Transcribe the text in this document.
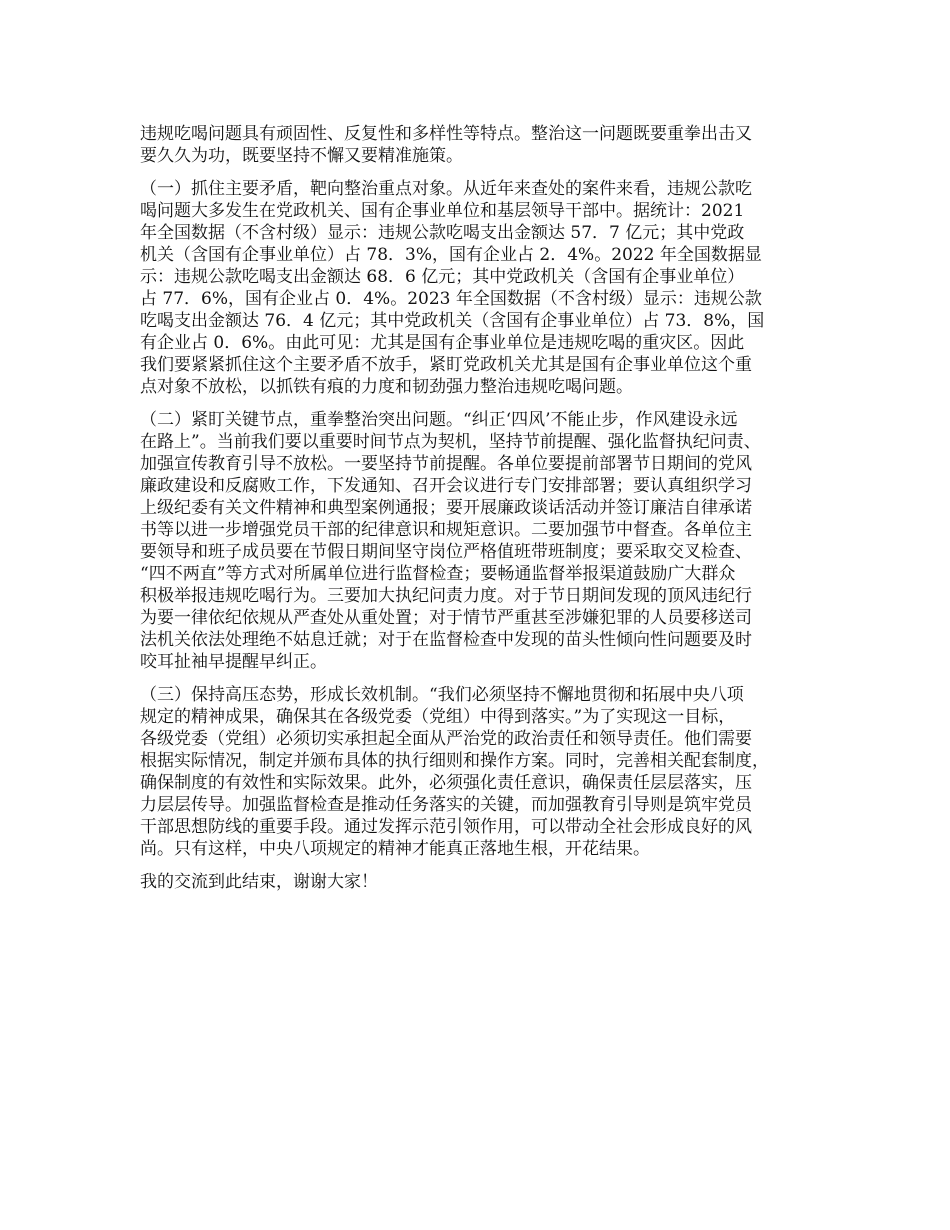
违规吃喝问题具有顽固性、反复性和多样性等特点。整治这一问题既要重拳出击又
要久久为功，既要坚持不懈又要精准施策。

（一）抓住主要矛盾，靶向整治重点对象。从近年来查处的案件来看，违规公款吃
喝问题大多发生在党政机关、国有企事业单位和基层领导干部中。据统计：2021
年全国数据（不含村级）显示：违规公款吃喝支出金额达 57．7 亿元；其中党政
机关（含国有企事业单位）占 78．3%，国有企业占 2．4%。2022 年全国数据显
示：违规公款吃喝支出金额达 68．6 亿元；其中党政机关（含国有企事业单位）
占 77．6%，国有企业占 0．4%。2023 年全国数据（不含村级）显示：违规公款
吃喝支出金额达 76．4 亿元；其中党政机关（含国有企事业单位）占 73．8%，国
有企业占 0．6%。由此可见：尤其是国有企事业单位是违规吃喝的重灾区。因此
我们要紧紧抓住这个主要矛盾不放手，紧盯党政机关尤其是国有企事业单位这个重
点对象不放松，以抓铁有痕的力度和韧劲强力整治违规吃喝问题。

（二）紧盯关键节点，重拳整治突出问题。“纠正‘四风’不能止步，作风建设永远
在路上”。当前我们要以重要时间节点为契机，坚持节前提醒、强化监督执纪问责、
加强宣传教育引导不放松。一要坚持节前提醒。各单位要提前部署节日期间的党风
廉政建设和反腐败工作，下发通知、召开会议进行专门安排部署；要认真组织学习
上级纪委有关文件精神和典型案例通报；要开展廉政谈话活动并签订廉洁自律承诺
书等以进一步增强党员干部的纪律意识和规矩意识。二要加强节中督查。各单位主
要领导和班子成员要在节假日期间坚守岗位严格值班带班制度；要采取交叉检查、
“四不两直”等方式对所属单位进行监督检查；要畅通监督举报渠道鼓励广大群众
积极举报违规吃喝行为。三要加大执纪问责力度。对于节日期间发现的顶风违纪行
为要一律依纪依规从严查处从重处置；对于情节严重甚至涉嫌犯罪的人员要移送司
法机关依法处理绝不姑息迁就；对于在监督检查中发现的苗头性倾向性问题要及时
咬耳扯袖早提醒早纠正。

（三）保持高压态势，形成长效机制。“我们必须坚持不懈地贯彻和拓展中央八项
规定的精神成果，确保其在各级党委（党组）中得到落实。”为了实现这一目标，
各级党委（党组）必须切实承担起全面从严治党的政治责任和领导责任。他们需要
根据实际情况，制定并颁布具体的执行细则和操作方案。同时，完善相关配套制度，
确保制度的有效性和实际效果。此外，必须强化责任意识，确保责任层层落实，压
力层层传导。加强监督检查是推动任务落实的关键，而加强教育引导则是筑牢党员
干部思想防线的重要手段。通过发挥示范引领作用，可以带动全社会形成良好的风
尚。只有这样，中央八项规定的精神才能真正落地生根，开花结果。

我的交流到此结束，谢谢大家！
